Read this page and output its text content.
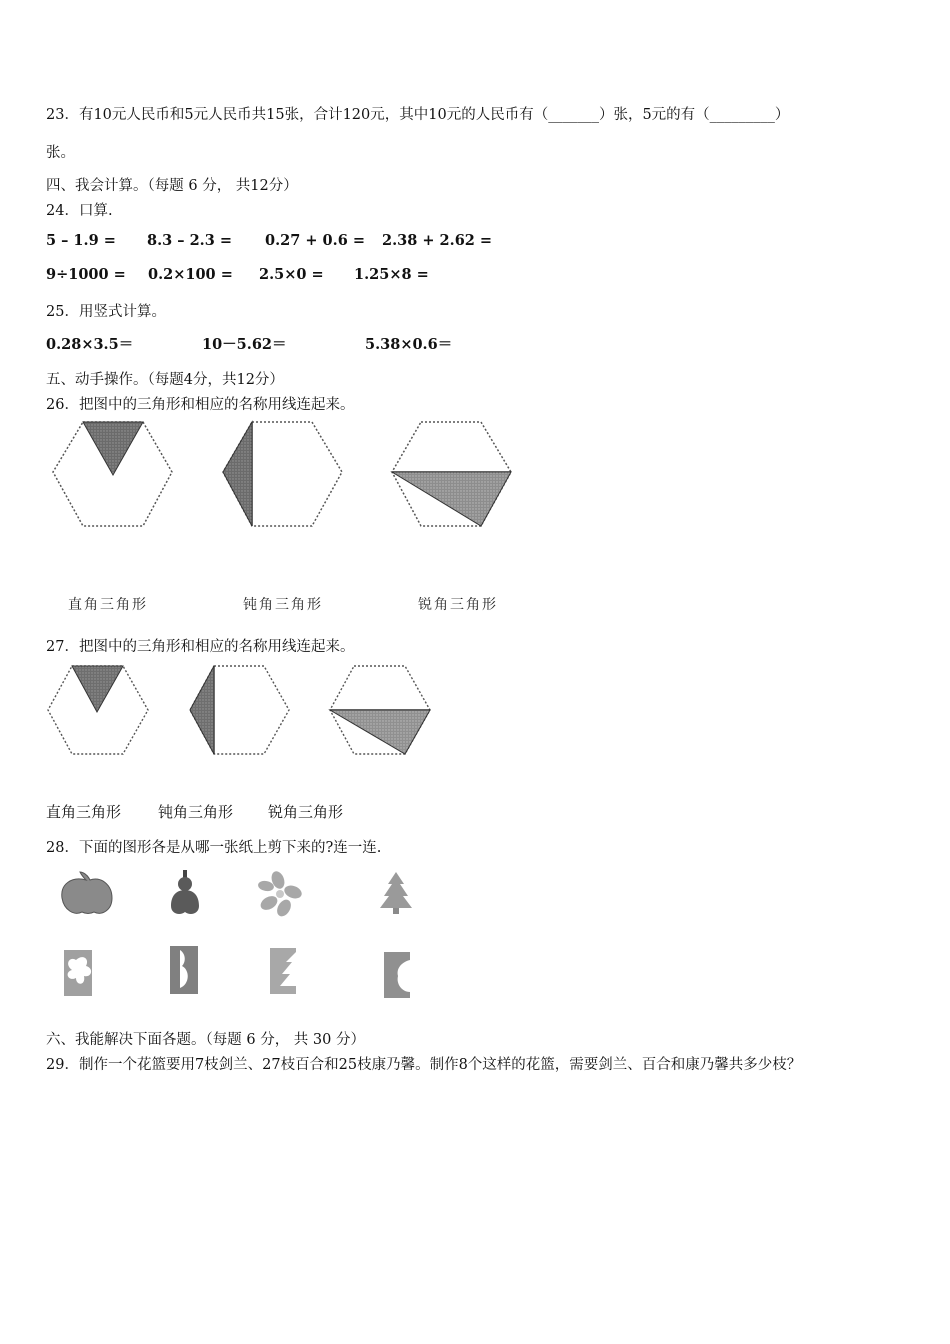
23．有10元人民币和5元人民币共15张，合计120元，其中10元的人民币有（_______）张，5元的有（_________）
张。
四、我会计算。（每题 6 分， 共12分）
24．口算.
5 – 1.9 = 8.3 – 2.3 = 0.27 + 0.6 = 2.38 + 2.62 =
9÷1000 = 0.2×100 = 2.5×0 = 1.25×8 =
25．用竖式计算。
0.28×3.5＝	10－5.62＝	5.38×0.6＝
五、动手操作。（每题4分，共12分）
26．把图中的三角形和相应的名称用线连起来。
直角三角形	钝角三角形	锐角三角形
27．把图中的三角形和相应的名称用线连起来。
直角三角形 钝角三角形 锐角三角形
28．下面的图形各是从哪一张纸上剪下来的?连一连.
六、我能解决下面各题。（每题 6 分， 共 30 分）
29．制作一个花篮要用7枝剑兰、27枝百合和25枝康乃馨。制作8个这样的花篮，需要剑兰、百合和康乃馨共多少枝？
